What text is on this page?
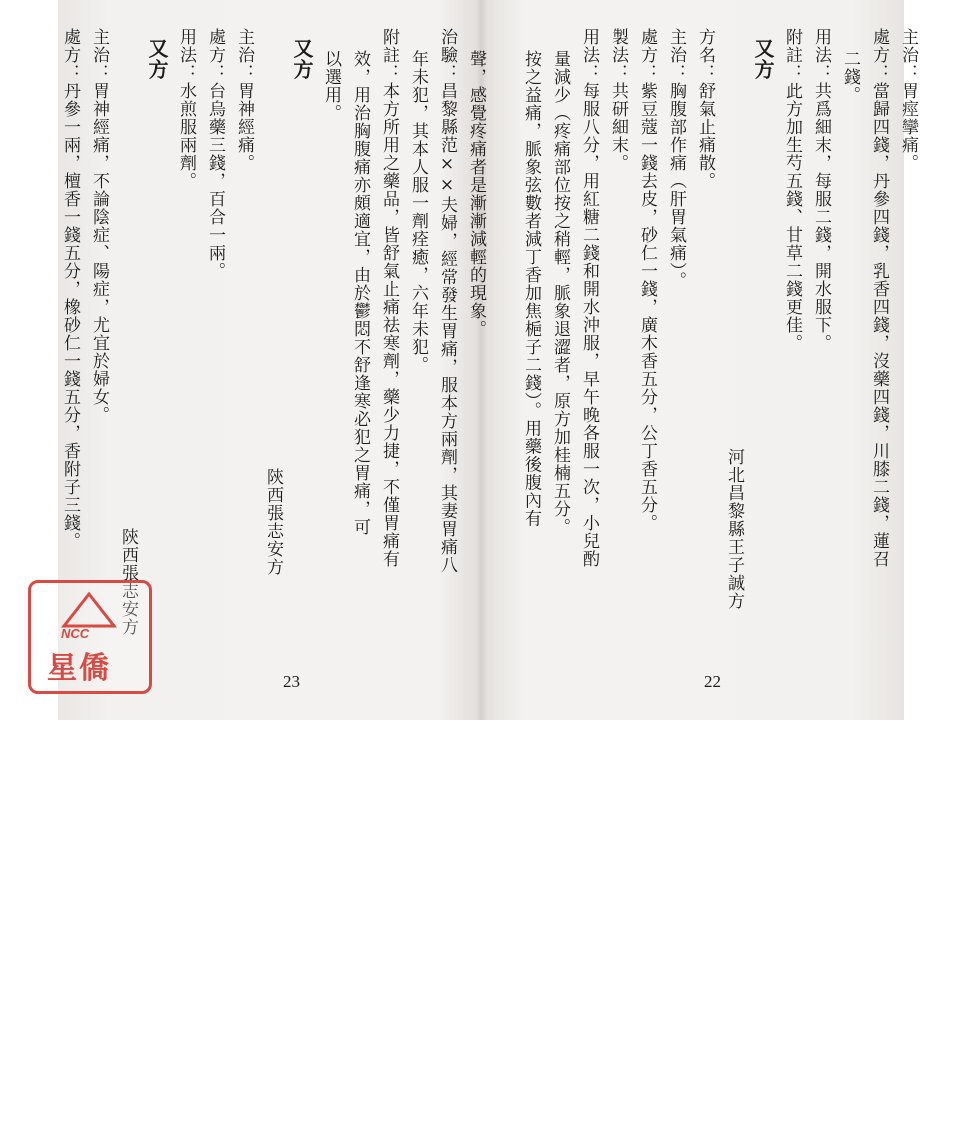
聲，感覺疼痛者是漸漸減輕的現象。
治驗：昌黎縣范××夫婦，經常發生胃痛，服本方兩劑，其妻胃痛八
年未犯，其本人服一劑痊癒，六年未犯。
附註：本方所用之藥品，皆舒氣止痛祛寒劑，藥少力捷，不僅胃痛有
效，用治胸腹痛亦頗適宜，由於鬱悶不舒逢寒必犯之胃痛，可
以選用。
又方
陝西張志安方
主治：胃神經痛。
處方：台烏藥三錢，百合一兩。
用法：水煎服兩劑。
又方
陝西張志安方
主治：胃神經痛，不論陰症、陽症，尤宜於婦女。
處方：丹參一兩，檀香一錢五分，橡砂仁一錢五分，香附子三錢。	主治：胃痙攣痛。
處方：當歸四錢，丹參四錢，乳香四錢，沒藥四錢，川膝二錢，蓮召
二錢。
用法：共爲細末，每服二錢，開水服下。
附註：此方加生芍五錢、甘草二錢更佳。
又方
河北昌黎縣王子誠方
方名：舒氣止痛散。
主治：胸腹部作痛（肝胃氣痛）。
處方：紫豆蔻一錢去皮，砂仁一錢，廣木香五分，公丁香五分。
製法：共研細末。
用法：每服八分，用紅糖二錢和開水沖服，早午晚各服一次，小兒酌
量減少（疼痛部位按之稍輕，脈象退澀者，原方加桂楠五分。
按之益痛，脈象弦數者減丁香加焦梔子二錢）。用藥後腹內有
23	22
NCC
星僑
